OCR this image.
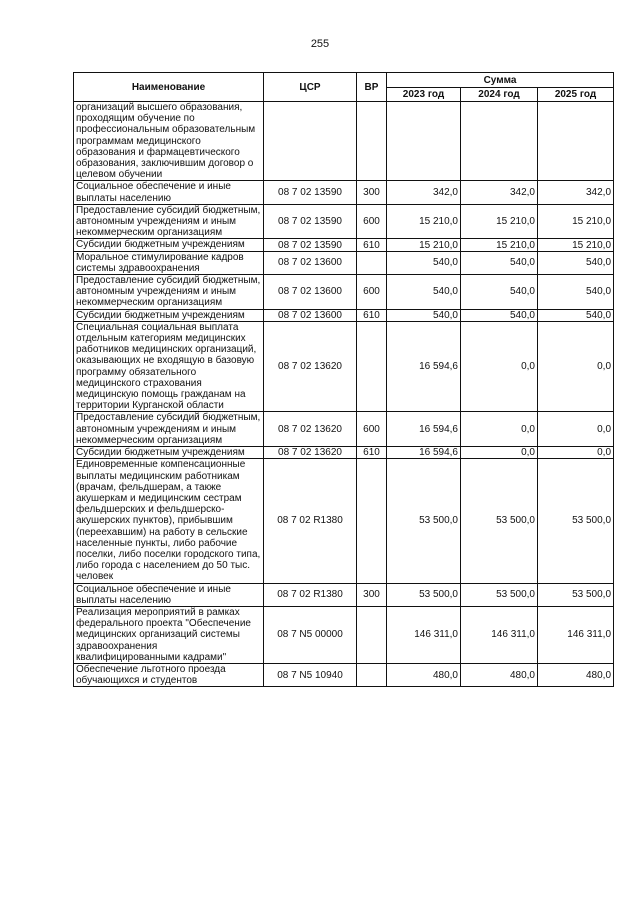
255
Наименование	ЦСР	ВР	Сумма		
			2023 год	2024 год	2025 год
организаций высшего образования, проходящим обучение по профессиональным образовательным программам медицинского образования и фармацевтического образования, заключившим договор о целевом обучении					
Социальное обеспечение и иные выплаты населению	08 7 02 13590	300	342,0	342,0	342,0
Предоставление субсидий бюджетным, автономным учреждениям и иным некоммерческим организациям	08 7 02 13590	600	15 210,0	15 210,0	15 210,0
Субсидии бюджетным учреждениям	08 7 02 13590	610	15 210,0	15 210,0	15 210,0
Моральное стимулирование кадров системы здравоохранения	08 7 02 13600		540,0	540,0	540,0
Предоставление субсидий бюджетным, автономным учреждениям и иным некоммерческим организациям	08 7 02 13600	600	540,0	540,0	540,0
Субсидии бюджетным учреждениям	08 7 02 13600	610	540,0	540,0	540,0
Специальная социальная выплата отдельным категориям медицинских работников медицинских организаций, оказывающих не входящую в базовую программу обязательного медицинского страхования медицинскую помощь гражданам на территории Курганской области	08 7 02 13620		16 594,6	0,0	0,0
Предоставление субсидий бюджетным, автономным учреждениям и иным некоммерческим организациям	08 7 02 13620	600	16 594,6	0,0	0,0
Субсидии бюджетным учреждениям	08 7 02 13620	610	16 594,6	0,0	0,0
Единовременные компенсационные выплаты медицинским работникам (врачам, фельдшерам, а также акушеркам и медицинским сестрам фельдшерских и фельдшерско-акушерских пунктов), прибывшим (переехавшим) на работу в сельские населенные пункты, либо рабочие поселки, либо поселки городского типа, либо города с населением до 50 тыс. человек	08 7 02 R1380		53 500,0	53 500,0	53 500,0
Социальное обеспечение и иные выплаты населению	08 7 02 R1380	300	53 500,0	53 500,0	53 500,0
Реализация мероприятий в рамках федерального проекта "Обеспечение медицинских организаций системы здравоохранения квалифицированными кадрами"	08 7 N5 00000		146 311,0	146 311,0	146 311,0
Обеспечение льготного проезда обучающихся и студентов	08 7 N5 10940		480,0	480,0	480,0
